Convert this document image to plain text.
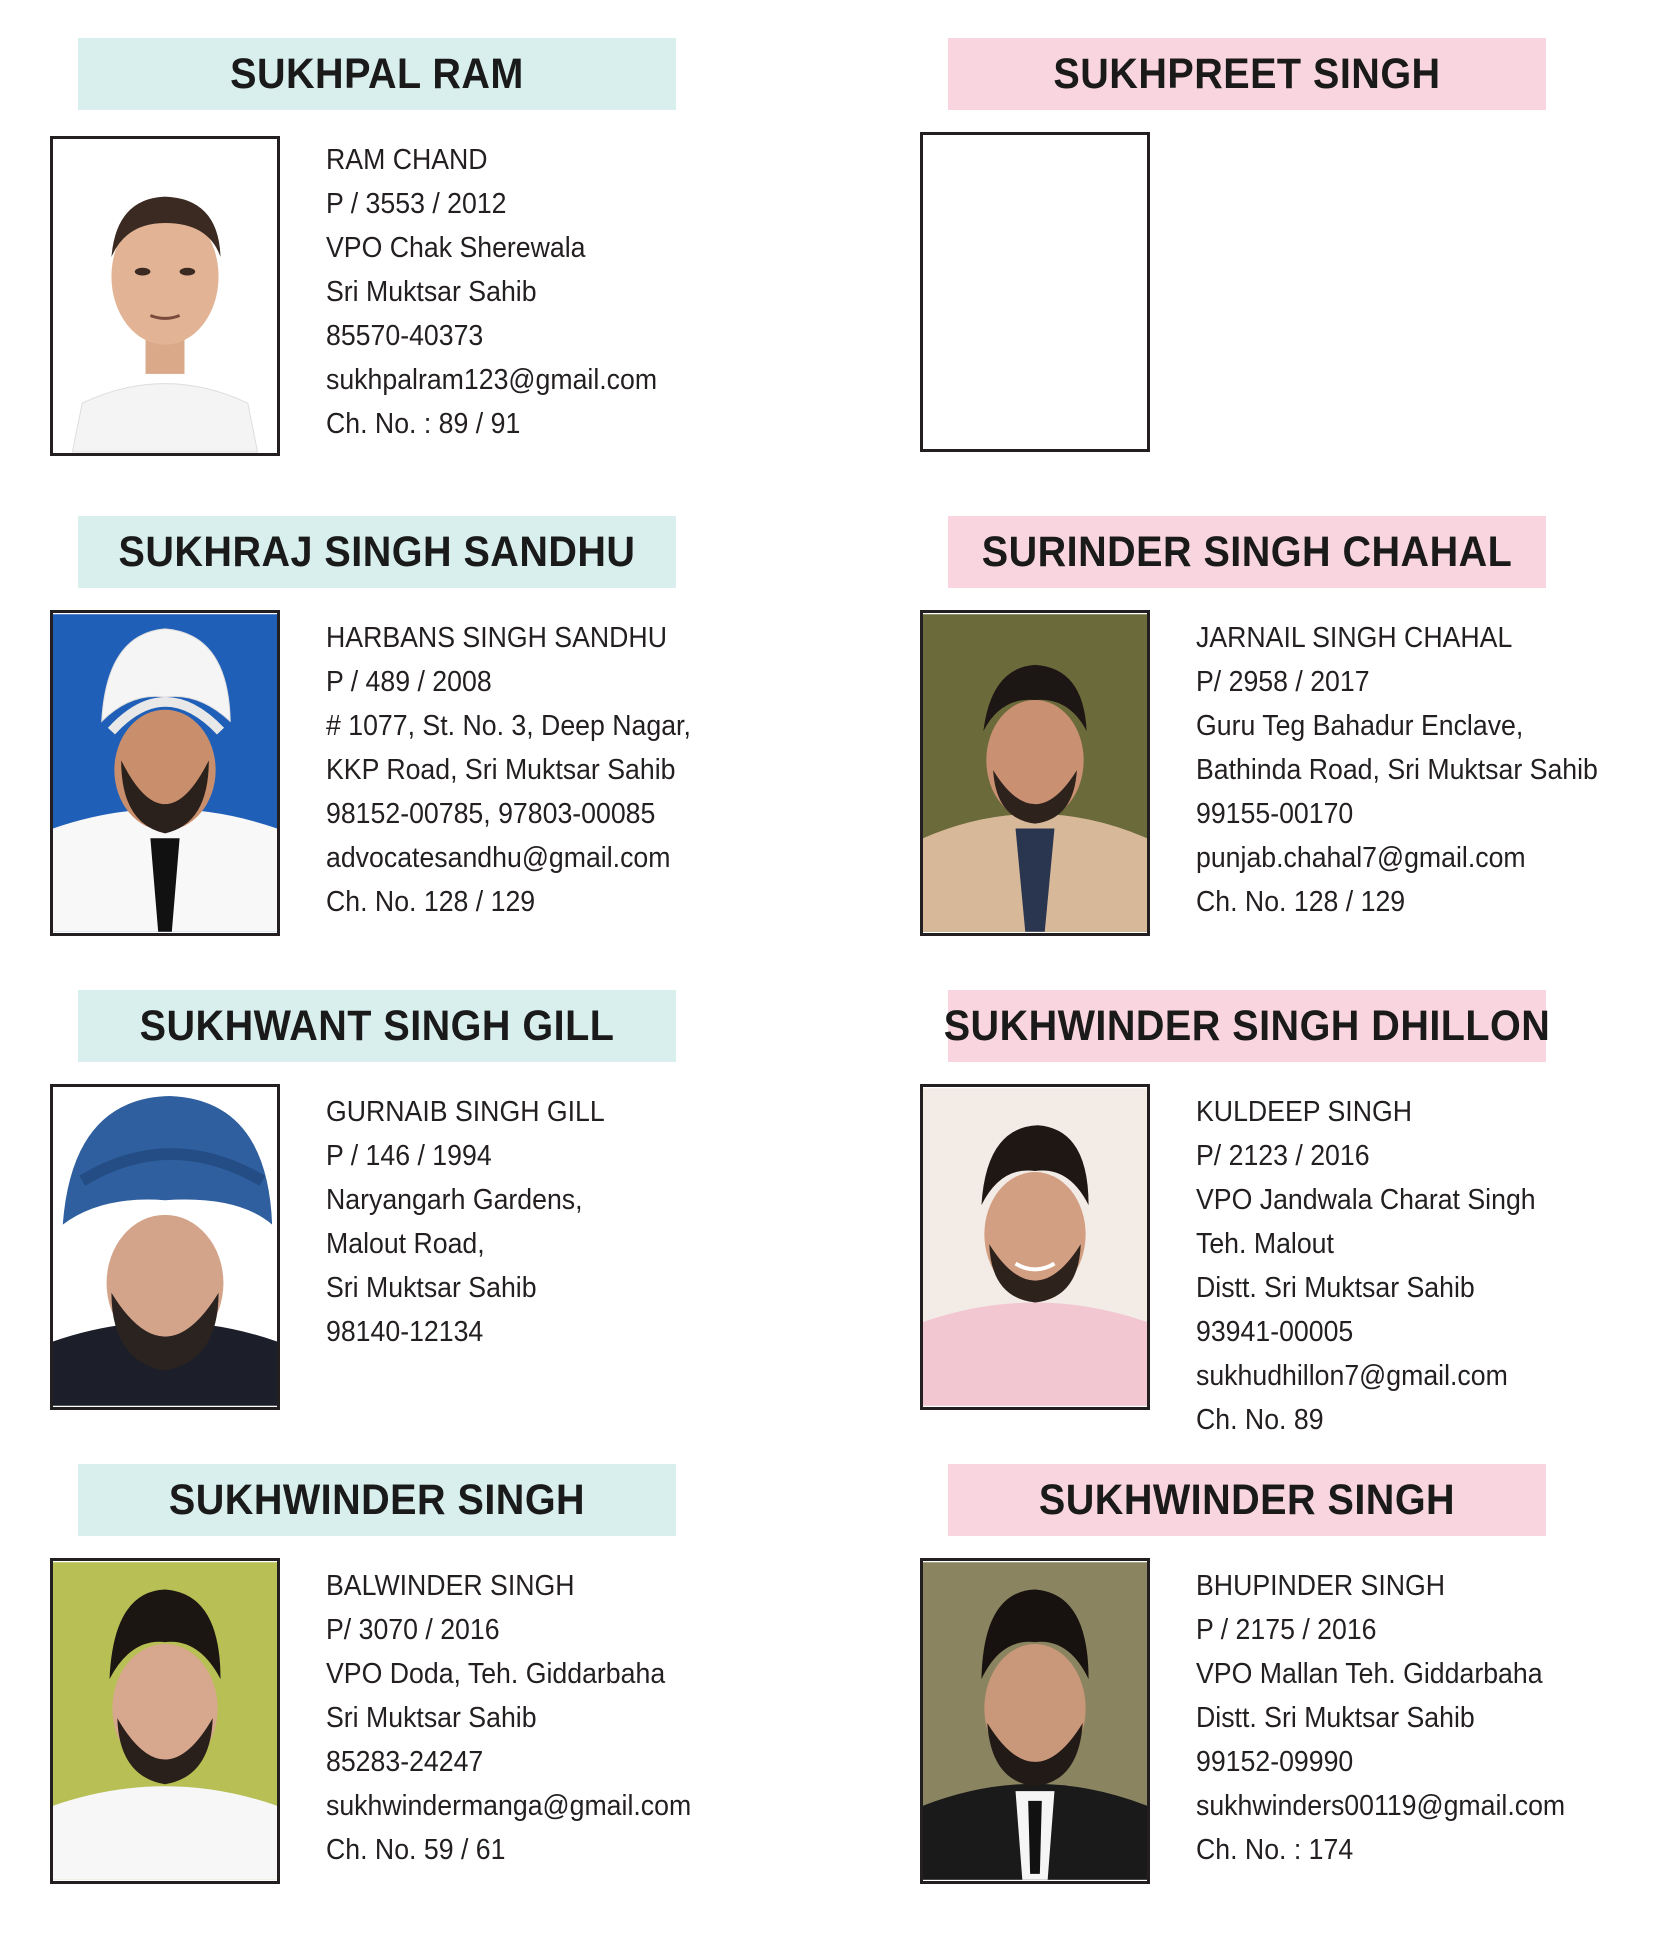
SUKHPAL RAM
RAM CHAND
P / 3553 / 2012
VPO Chak Sherewala
Sri Muktsar Sahib
85570-40373
sukhpalram123@gmail.com
Ch. No. : 89 / 91
SUKHPREET SINGH
SUKHRAJ SINGH SANDHU
HARBANS SINGH SANDHU
P / 489 / 2008
# 1077, St. No. 3, Deep Nagar,
KKP Road, Sri Muktsar Sahib
98152-00785, 97803-00085
advocatesandhu@gmail.com
Ch. No. 128 / 129
SURINDER SINGH CHAHAL
JARNAIL SINGH CHAHAL
P/ 2958 / 2017
Guru Teg Bahadur Enclave,
Bathinda Road, Sri Muktsar Sahib
99155-00170
punjab.chahal7@gmail.com
Ch. No. 128 / 129
SUKHWANT SINGH GILL
GURNAIB SINGH GILL
P / 146 / 1994
Naryangarh Gardens,
Malout Road,
Sri Muktsar Sahib
98140-12134
SUKHWINDER SINGH DHILLON
KULDEEP SINGH
P/ 2123 / 2016
VPO Jandwala Charat Singh
Teh. Malout
Distt. Sri Muktsar Sahib
93941-00005
sukhudhillon7@gmail.com
Ch. No. 89
SUKHWINDER SINGH
BALWINDER SINGH
P/ 3070 / 2016
VPO Doda, Teh. Giddarbaha
Sri Muktsar Sahib
85283-24247
sukhwindermanga@gmail.com
Ch. No. 59 / 61
SUKHWINDER SINGH
BHUPINDER SINGH
P / 2175 / 2016
VPO Mallan Teh. Giddarbaha
Distt. Sri Muktsar Sahib
99152-09990
sukhwinders00119@gmail.com
Ch. No. : 174
